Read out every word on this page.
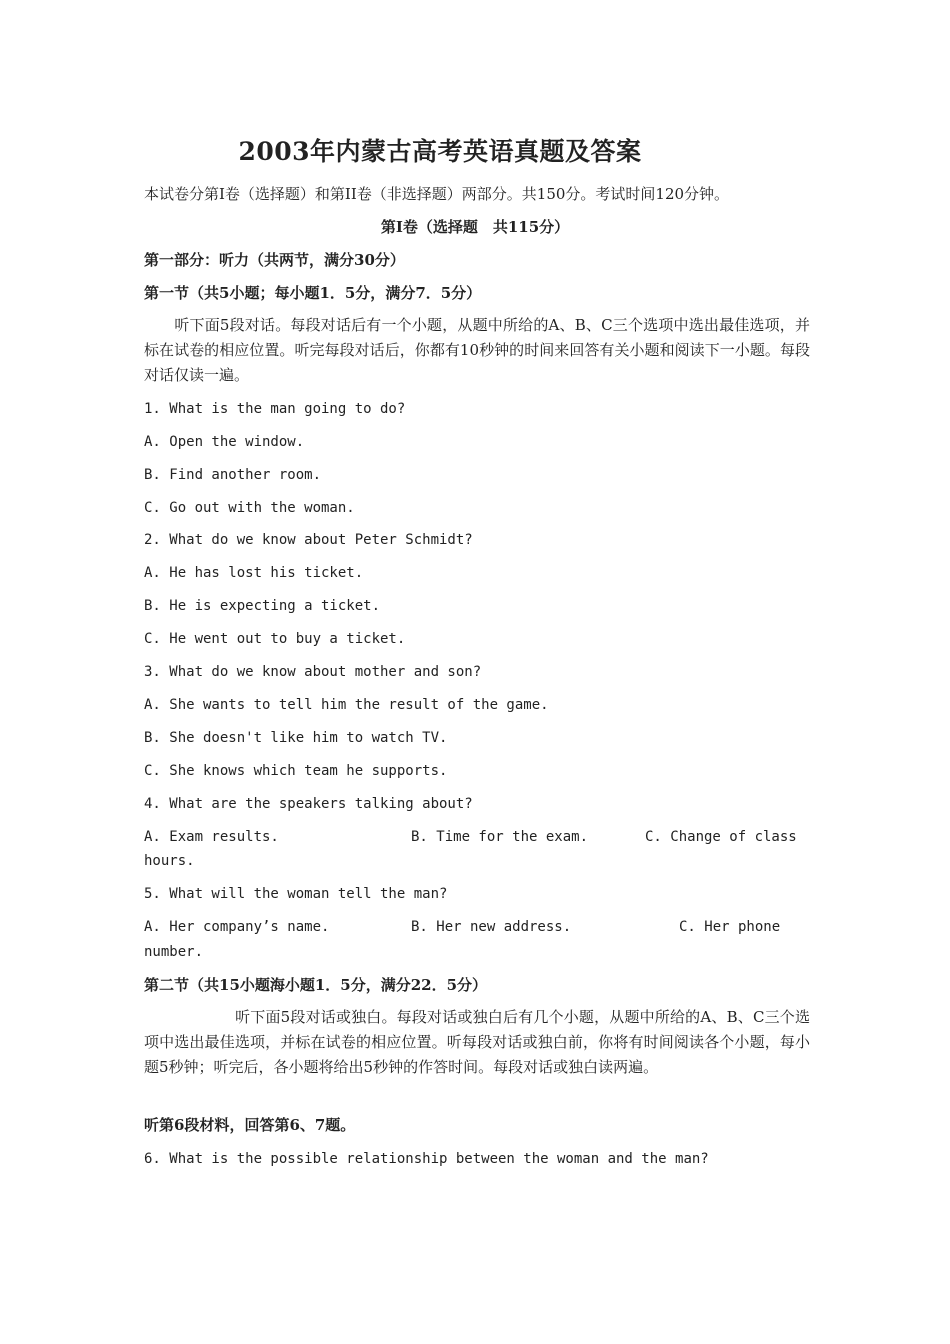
2003年内蒙古高考英语真题及答案
本试卷分第I卷（选择题）和第II卷（非选择题）两部分。共150分。考试时间120分钟。
第I卷（选择题　共115分）
第一部分：听力（共两节，满分30分）
第一节（共5小题；每小题1．5分，满分7．5分）
　　听下面5段对话。每段对话后有一个小题，从题中所给的A、B、C三个选项中选出最佳选项，并标在试卷的相应位置。听完每段对话后，你都有10秒钟的时间来回答有关小题和阅读下一小题。每段对话仅读一遍。
1. What is the man going to do?
A. Open the window.
B. Find another room.
C. Go out with the woman.
2. What do we know about Peter Schmidt?
A. He has lost his ticket.
B. He is expecting a ticket.
C. He went out to buy a ticket.
3. What do we know about mother and son?
A. She wants to tell him the result of the game.
B. She doesn't like him to watch TV.
C. She knows which team he supports.
4. What are the speakers talking about?
A. Exam results.	B. Time for the exam.	C. Change of class
hours.
5. What will the woman tell the man?
A. Her company’s name.	B. Her new address.	C. Her phone
number.
第二节（共15小题海小题1．5分，满分22．5分）
　　　　　　听下面5段对话或独白。每段对话或独白后有几个小题，从题中所给的A、B、C三个选项中选出最佳选项，并标在试卷的相应位置。听每段对话或独白前，你将有时间阅读各个小题，每小题5秒钟；听完后，各小题将给出5秒钟的作答时间。每段对话或独白读两遍。
听第6段材料，回答第6、7题。
6. What is the possible relationship between the woman and the man?
